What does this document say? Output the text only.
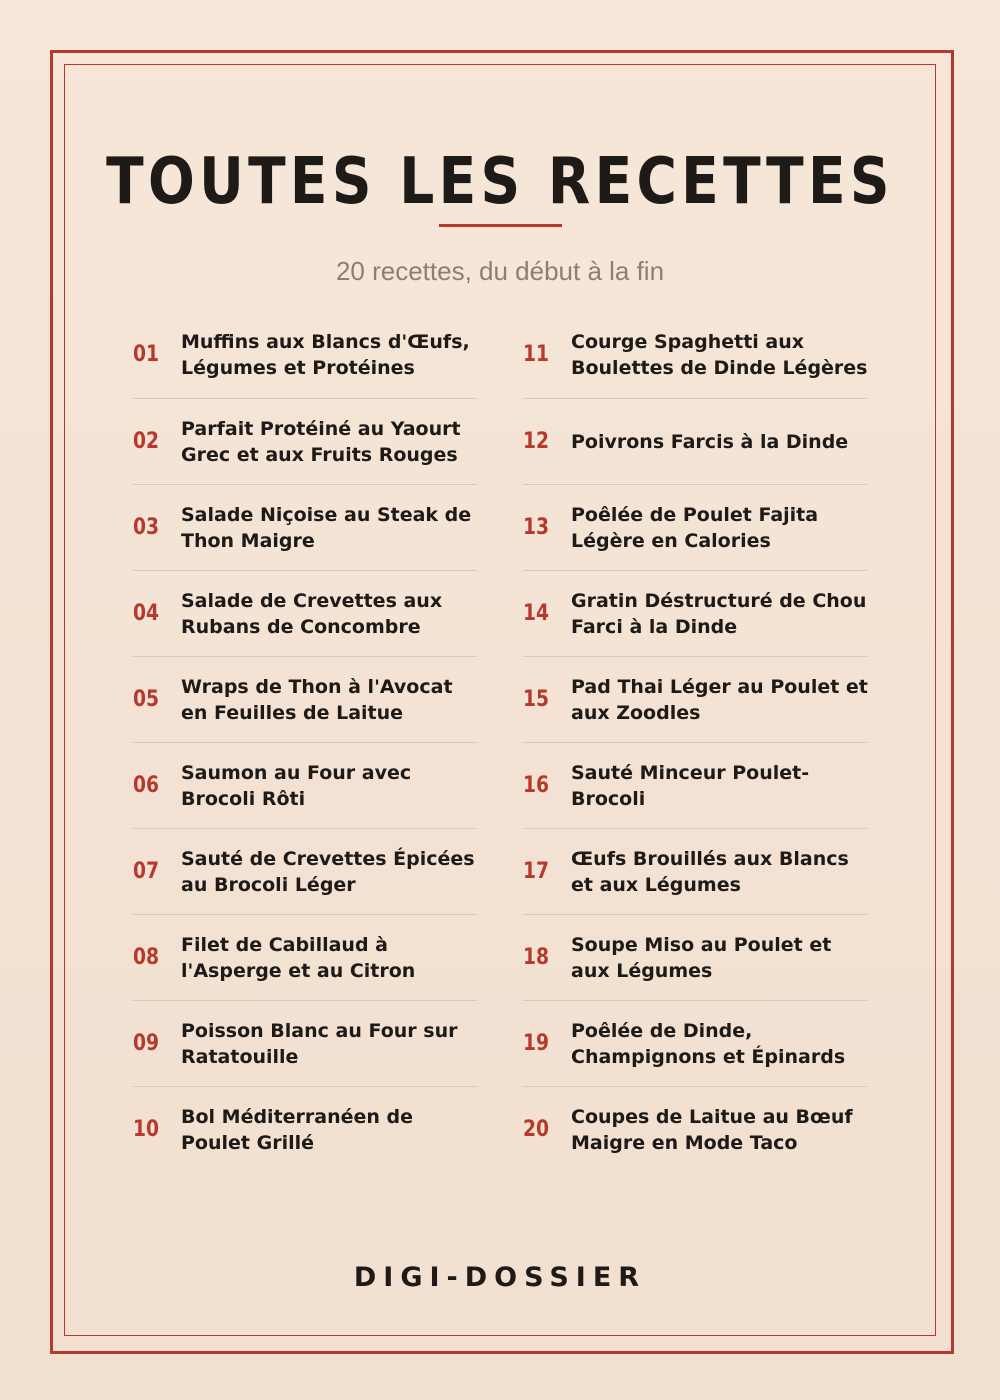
TOUTES LES RECETTES
20 recettes, du début à la fin
01 Muffins aux Blancs d'Œufs, Légumes et Protéines
02 Parfait Protéiné au Yaourt Grec et aux Fruits Rouges
03 Salade Niçoise au Steak de Thon Maigre
04 Salade de Crevettes aux Rubans de Concombre
05 Wraps de Thon à l'Avocat en Feuilles de Laitue
06 Saumon au Four avec Brocoli Rôti
07 Sauté de Crevettes Épicées au Brocoli Léger
08 Filet de Cabillaud à l'Asperge et au Citron
09 Poisson Blanc au Four sur Ratatouille
10 Bol Méditerranéen de Poulet Grillé
11 Courge Spaghetti aux Boulettes de Dinde Légères
12 Poivrons Farcis à la Dinde
13 Poêlée de Poulet Fajita Légère en Calories
14 Gratin Déstructuré de Chou Farci à la Dinde
15 Pad Thai Léger au Poulet et aux Zoodles
16 Sauté Minceur Poulet-Brocoli
17 Œufs Brouillés aux Blancs et aux Légumes
18 Soupe Miso au Poulet et aux Légumes
19 Poêlée de Dinde, Champignons et Épinards
20 Coupes de Laitue au Bœuf Maigre en Mode Taco
DIGI-DOSSIER
